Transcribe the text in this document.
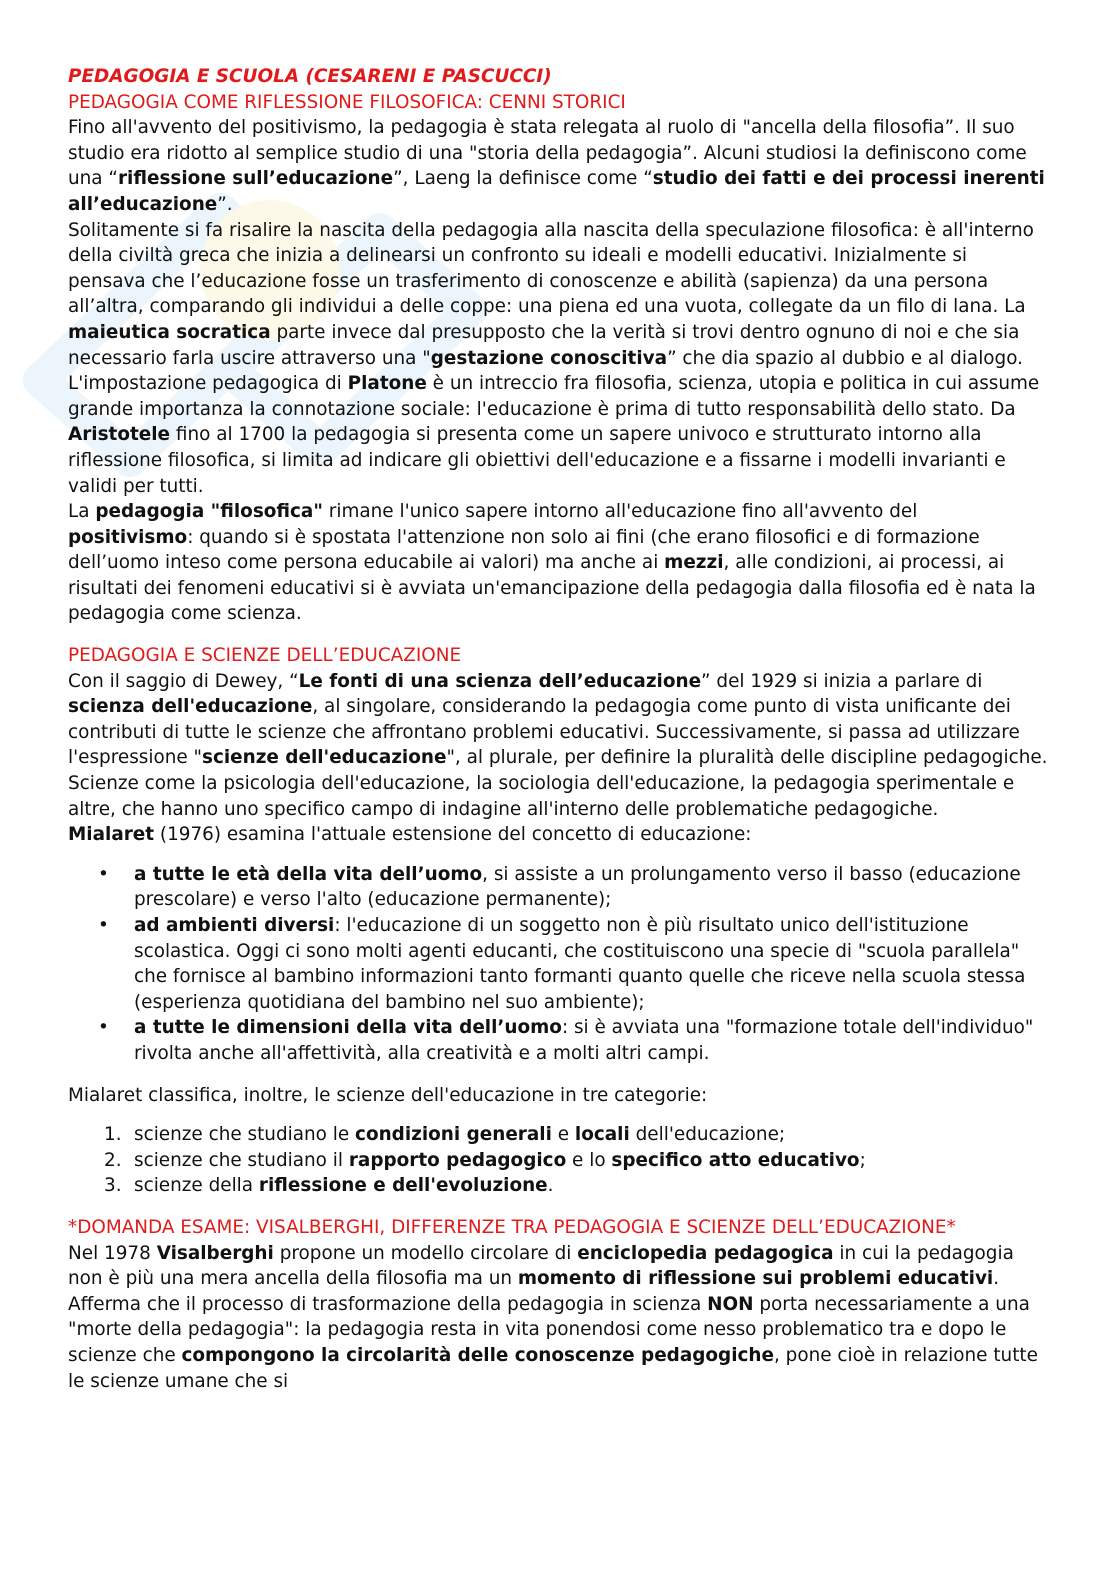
PEDAGOGIA E SCUOLA (CESARENI E PASCUCCI)

PEDAGOGIA COME RIFLESSIONE FILOSOFICA: CENNI STORICI

Fino all'avvento del positivismo, la pedagogia è stata relegata al ruolo di "ancella della filosofia”. Il suo studio era ridotto al semplice studio di una "storia della pedagogia”. Alcuni studiosi la definiscono come una “riflessione sull’educazione”, Laeng la definisce come “studio dei fatti e dei processi inerenti all’educazione”.

Solitamente si fa risalire la nascita della pedagogia alla nascita della speculazione filosofica: è all'interno della civiltà greca che inizia a delinearsi un confronto su ideali e modelli educativi. Inizialmente si pensava che l’educazione fosse un trasferimento di conoscenze e abilità (sapienza) da una persona all’altra, comparando gli individui a delle coppe: una piena ed una vuota, collegate da un filo di lana. La maieutica socratica parte invece dal presupposto che la verità si trovi dentro ognuno di noi e che sia necessario farla uscire attraverso una "gestazione conoscitiva” che dia spazio al dubbio e al dialogo. L'impostazione pedagogica di Platone è un intreccio fra filosofia, scienza, utopia e politica in cui assume grande importanza la connotazione sociale: l'educazione è prima di tutto responsabilità dello stato. Da Aristotele fino al 1700 la pedagogia si presenta come un sapere univoco e strutturato intorno alla riflessione filosofica, si limita ad indicare gli obiettivi dell'educazione e a fissarne i modelli invarianti e validi per tutti.

La pedagogia "filosofica" rimane l'unico sapere intorno all'educazione fino all'avvento del positivismo: quando si è spostata l'attenzione non solo ai fini (che erano filosofici e di formazione dell’uomo inteso come persona educabile ai valori) ma anche ai mezzi, alle condizioni, ai processi, ai risultati dei fenomeni educativi si è avviata un'emancipazione della pedagogia dalla filosofia ed è nata la pedagogia come scienza.

PEDAGOGIA E SCIENZE DELL’EDUCAZIONE

Con il saggio di Dewey, “Le fonti di una scienza dell’educazione” del 1929 si inizia a parlare di scienza dell'educazione, al singolare, considerando la pedagogia come punto di vista unificante dei contributi di tutte le scienze che affrontano problemi educativi. Successivamente, si passa ad utilizzare l'espressione "scienze dell'educazione", al plurale, per definire la pluralità delle discipline pedagogiche. Scienze come la psicologia dell'educazione, la sociologia dell'educazione, la pedagogia sperimentale e altre, che hanno uno specifico campo di indagine all'interno delle problematiche pedagogiche.

Mialaret (1976) esamina l'attuale estensione del concetto di educazione:

• a tutte le età della vita dell’uomo, si assiste a un prolungamento verso il basso (educazione prescolare) e verso l'alto (educazione permanente);
• ad ambienti diversi: l'educazione di un soggetto non è più risultato unico dell'istituzione scolastica. Oggi ci sono molti agenti educanti, che costituiscono una specie di "scuola parallela" che fornisce al bambino informazioni tanto formanti quanto quelle che riceve nella scuola stessa (esperienza quotidiana del bambino nel suo ambiente);
• a tutte le dimensioni della vita dell’uomo: si è avviata una "formazione totale dell'individuo" rivolta anche all'affettività, alla creatività e a molti altri campi.

Mialaret classifica, inoltre, le scienze dell'educazione in tre categorie:

1. scienze che studiano le condizioni generali e locali dell'educazione;
2. scienze che studiano il rapporto pedagogico e lo specifico atto educativo;
3. scienze della riflessione e dell'evoluzione.

*DOMANDA ESAME: VISALBERGHI, DIFFERENZE TRA PEDAGOGIA E SCIENZE DELL’EDUCAZIONE*

Nel 1978 Visalberghi propone un modello circolare di enciclopedia pedagogica in cui la pedagogia non è più una mera ancella della filosofia ma un momento di riflessione sui problemi educativi. Afferma che il processo di trasformazione della pedagogia in scienza NON porta necessariamente a una "morte della pedagogia": la pedagogia resta in vita ponendosi come nesso problematico tra e dopo le scienze che compongono la circolarità delle conoscenze pedagogiche, pone cioè in relazione tutte le scienze umane che si
